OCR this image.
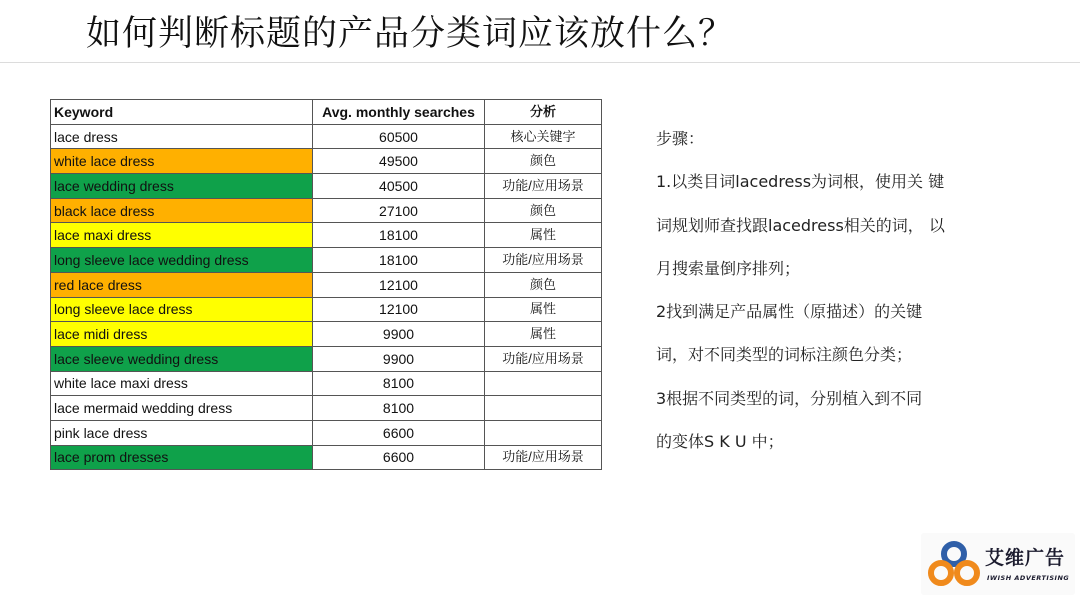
如何判断标题的产品分类词应该放什么？
Keyword	Avg. monthly searches	分析
lace dress	60500	核心关键字
white lace dress	49500	颜色
lace wedding dress	40500	功能/应用场景
black lace dress	27100	颜色
lace maxi dress	18100	属性
long sleeve lace wedding dress	18100	功能/应用场景
red lace dress	12100	颜色
long sleeve lace dress	12100	属性
lace midi dress	9900	属性
lace sleeve wedding dress	9900	功能/应用场景
white lace maxi dress	8100	
lace mermaid wedding dress	8100	
pink lace dress	6600	
lace prom dresses	6600	功能/应用场景
步骤：
1.以类目词lacedress为词根，使用关 键
词规划师查找跟lacedress相关的词， 以
月搜索量倒序排列；
2找到满足产品属性（原描述）的关键
词，对不同类型的词标注颜色分类；
3根据不同类型的词，分别植入到不同
的变体S K U 中；
艾维广告
IWISH ADVERTISING
